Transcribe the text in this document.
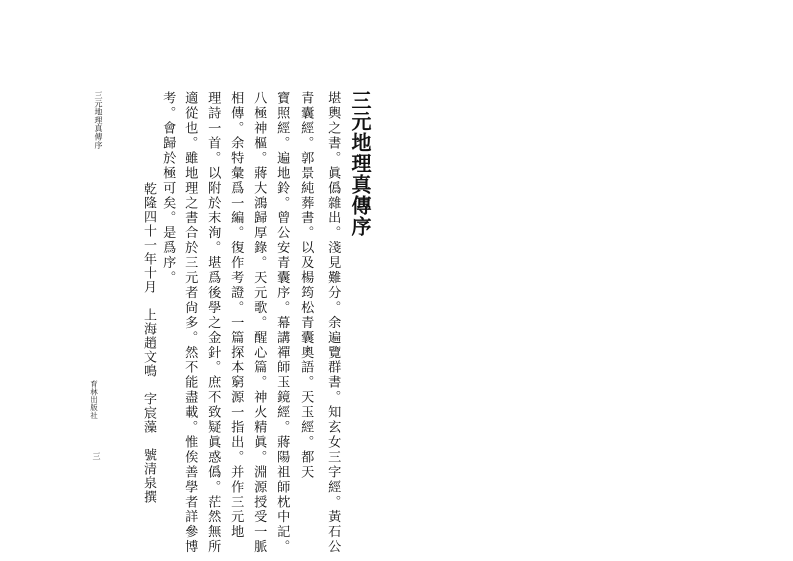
三元地理真傳序
堪輿之書。眞僞雜出。淺見難分。余遍覽群書。知玄女三字經。黃石公
青囊經。郭景純葬書。以及楊筠松青囊奧語。天玉經。都天
寶照經。遍地鈴。曾公安青囊序。幕講禪師玉鏡經。蔣陽祖師枕中記。
八極神樞。蔣大鴻歸厚錄。天元歌。醒心篇。神火精眞。淵源授受一脈
相傳。余特彙爲一編。復作考證。一篇探本窮源一指出。并作三元地
理詩一首。以附於末洵。堪爲後學之金針。庶不致疑眞惑僞。茫然無所
適從也。雖地理之書合於三元者尙多。然不能盡載。惟俟善學者詳參博
考。會歸於極可矣。是爲序。
乾隆四十一年十月　上海趙文鳴　字宸藻　號清泉撰
三元地理真傳序
育林出版社
三
